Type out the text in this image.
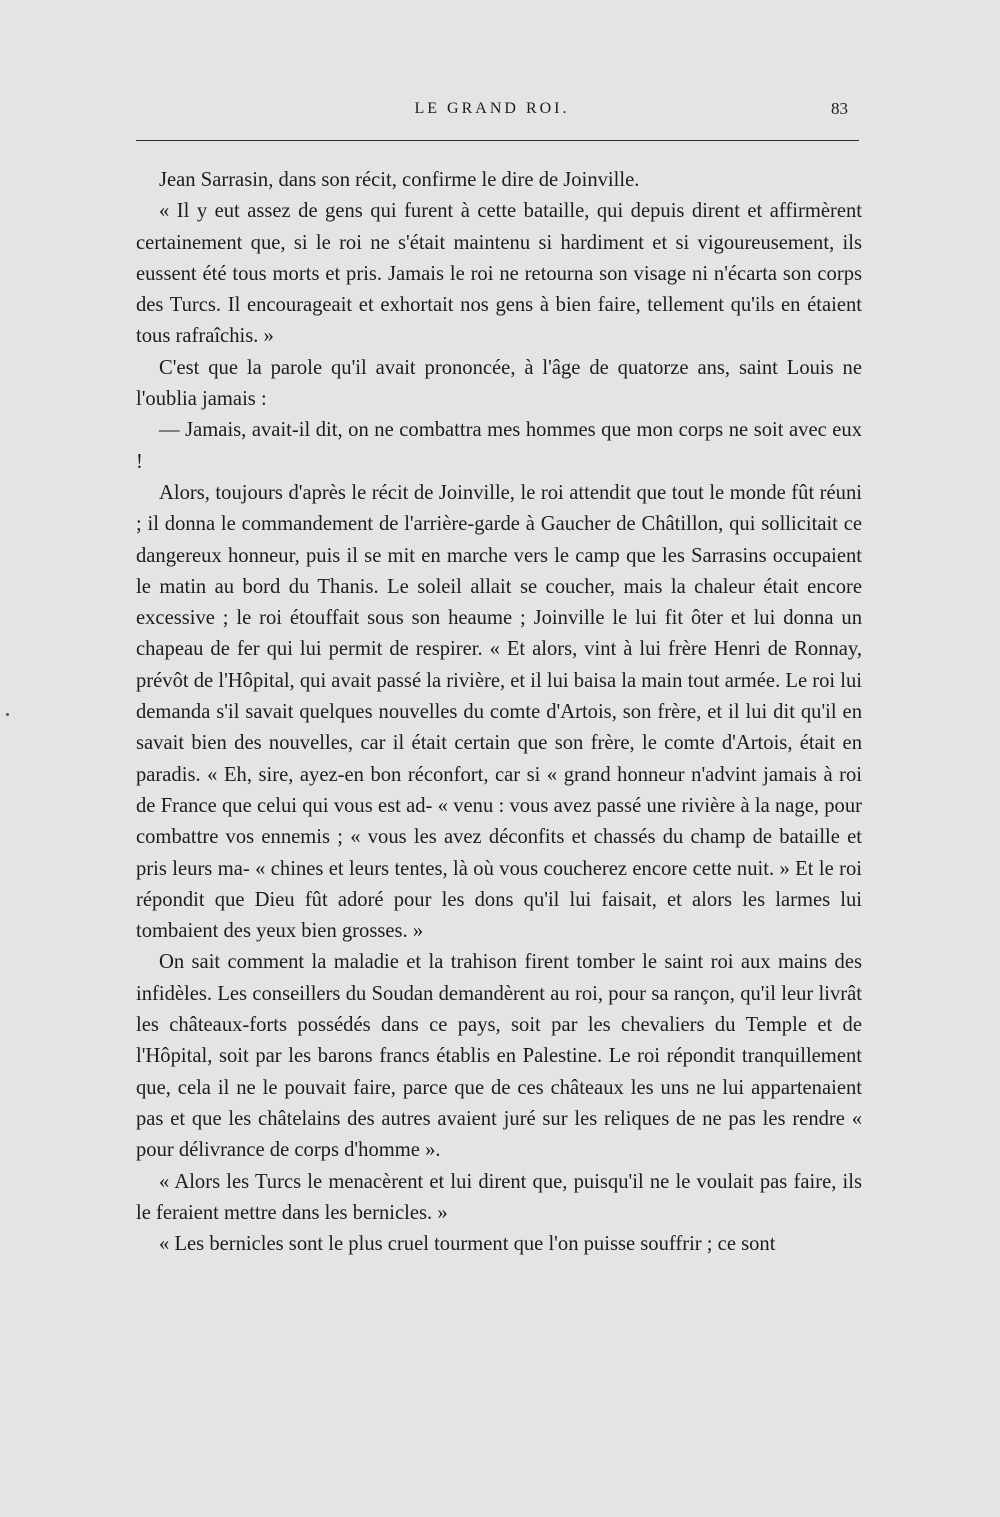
LE GRAND ROI.	83

Jean Sarrasin, dans son récit, confirme le dire de Joinville.

« Il y eut assez de gens qui furent à cette bataille, qui depuis dirent et affirmèrent certainement que, si le roi ne s'était maintenu si hardiment et si vigoureusement, ils eussent été tous morts et pris. Jamais le roi ne retourna son visage ni n'écarta son corps des Turcs. Il encourageait et exhortait nos gens à bien faire, tellement qu'ils en étaient tous rafraîchis. »

C'est que la parole qu'il avait prononcée, à l'âge de quatorze ans, saint Louis ne l'oublia jamais :

— Jamais, avait-il dit, on ne combattra mes hommes que mon corps ne soit avec eux !

Alors, toujours d'après le récit de Joinville, le roi attendit que tout le monde fût réuni ; il donna le commandement de l'arrière-garde à Gaucher de Châtillon, qui sollicitait ce dangereux honneur, puis il se mit en marche vers le camp que les Sarrasins occupaient le matin au bord du Thanis. Le soleil allait se coucher, mais la chaleur était encore excessive ; le roi étouffait sous son heaume ; Joinville le lui fit ôter et lui donna un chapeau de fer qui lui permit de respirer. « Et alors, vint à lui frère Henri de Ronnay, prévôt de l'Hôpital, qui avait passé la rivière, et il lui baisa la main tout armée. Le roi lui demanda s'il savait quelques nouvelles du comte d'Artois, son frère, et il lui dit qu'il en savait bien des nouvelles, car il était certain que son frère, le comte d'Artois, était en paradis. « Eh, sire, ayez-en bon réconfort, car si « grand honneur n'advint jamais à roi de France que celui qui vous est ad- « venu : vous avez passé une rivière à la nage, pour combattre vos ennemis ; « vous les avez déconfits et chassés du champ de bataille et pris leurs ma- « chines et leurs tentes, là où vous coucherez encore cette nuit. » Et le roi répondit que Dieu fût adoré pour les dons qu'il lui faisait, et alors les larmes lui tombaient des yeux bien grosses. »

On sait comment la maladie et la trahison firent tomber le saint roi aux mains des infidèles. Les conseillers du Soudan demandèrent au roi, pour sa rançon, qu'il leur livrât les châteaux-forts possédés dans ce pays, soit par les chevaliers du Temple et de l'Hôpital, soit par les barons francs établis en Palestine. Le roi répondit tranquillement que, cela il ne le pouvait faire, parce que de ces châteaux les uns ne lui appartenaient pas et que les châtelains des autres avaient juré sur les reliques de ne pas les rendre « pour délivrance de corps d'homme ».

« Alors les Turcs le menacèrent et lui dirent que, puisqu'il ne le voulait pas faire, ils le feraient mettre dans les bernicles. »

« Les bernicles sont le plus cruel tourment que l'on puisse souffrir ; ce sont
